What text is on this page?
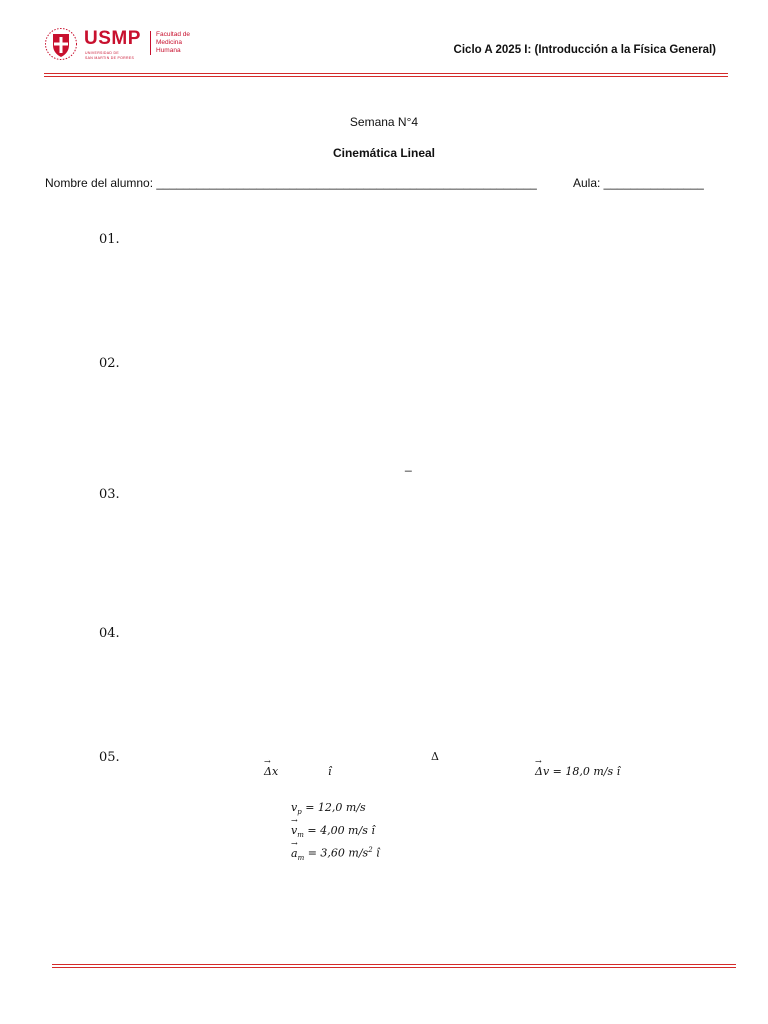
USMP
UNIVERSIDAD DE
SAN MARTIN DE PORRES
Facultad de
Medicina
Humana	Ciclo A 2025 I: (Introducción a la Física General)
Semana N°4
Cinemática Lineal
Nombre del alumno: _________________________________________________________	Aula: _______________
01.
02.
_
03.
04.
05.	Δ
→ Δx	î
→	Δv = 18,0 m/s î
$v_p = 12,0$ m/s
→ $v_m = 4,00$ m/s î
→ $a_m = 3,60$ $m/s^2$ î
